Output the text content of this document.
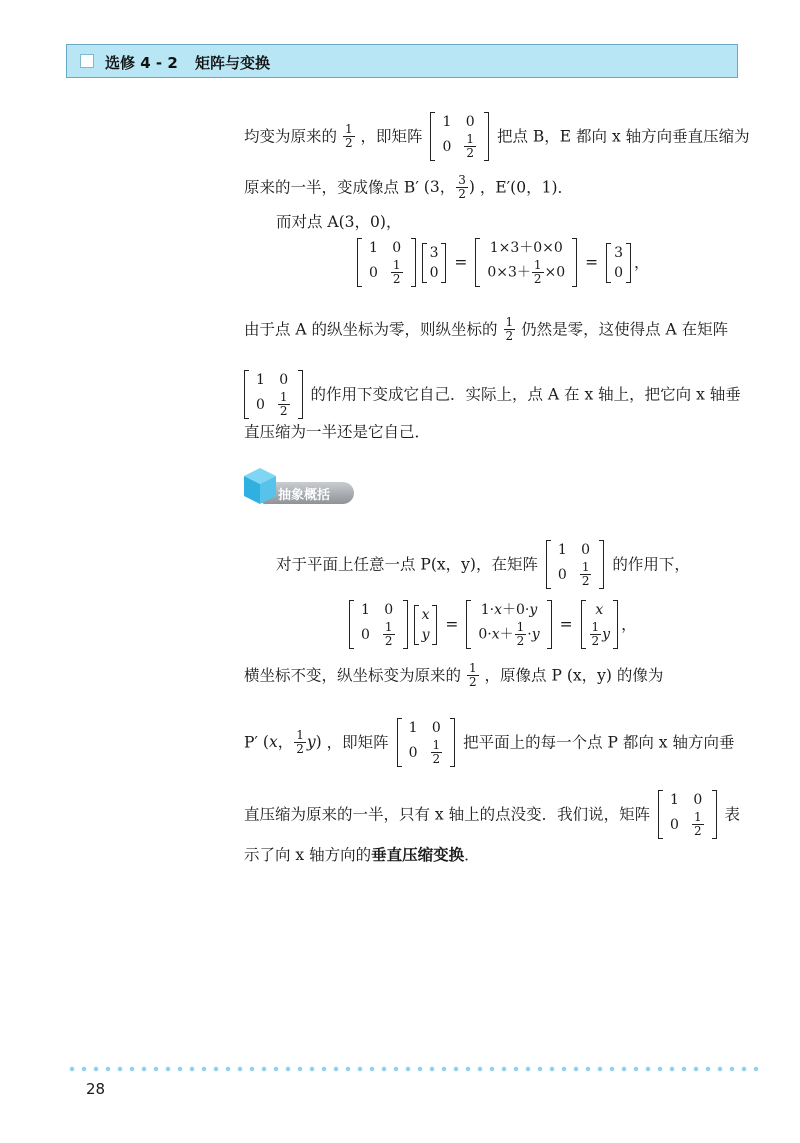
选修 4 - 2 矩阵与变换
均变为原来的 $\frac{1}{2}$ ，即矩阵
1	0
0	$\frac{1}{2}$ 把点 B，E 都向 x 轴方向垂直压缩为
原来的一半，变成像点 B′ (3， $\frac{3}{2}$ ) ，E′(0，1)．
而对点 A(3，0)，
1	0
0	$\frac{1}{2}$
3
0
=
1×3＋0×0
$0\times 3+ \frac{1}{2} \times 0$
=
3
0
，
由于点 A 的纵坐标为零，则纵坐标的 $\frac{1}{2}$ 仍然是零，这使得点 A 在矩阵
1	0
0	$\frac{1}{2}$ 的作用下变成它自己．实际上，点 A 在 x 轴上，把它向 x 轴垂
直压缩为一半还是它自己．
抽象概括
对于平面上任意一点 P(x，y)，在矩阵
1	0
0	$\frac{1}{2}$ 的作用下，
1	0
0	$\frac{1}{2}$
x
y
=
1·x＋0·y
$0\cdot x+ \frac{1}{2} \cdot y$
=
x

$\frac{1}{2}$ y
，
横坐标不变，纵坐标变为原来的 $\frac{1}{2}$ ，原像点 P (x，y) 的像为
P′ (x， $\frac{1}{2} y$) ，即矩阵
1	0
0	$\frac{1}{2}$ 把平面上的每一个点 P 都向 x 轴方向垂
直压缩为原来的一半，只有 x 轴上的点没变．我们说，矩阵
1	0
0	$\frac{1}{2}$ 表
示了向 x 轴方向的垂直压缩变换．
28
